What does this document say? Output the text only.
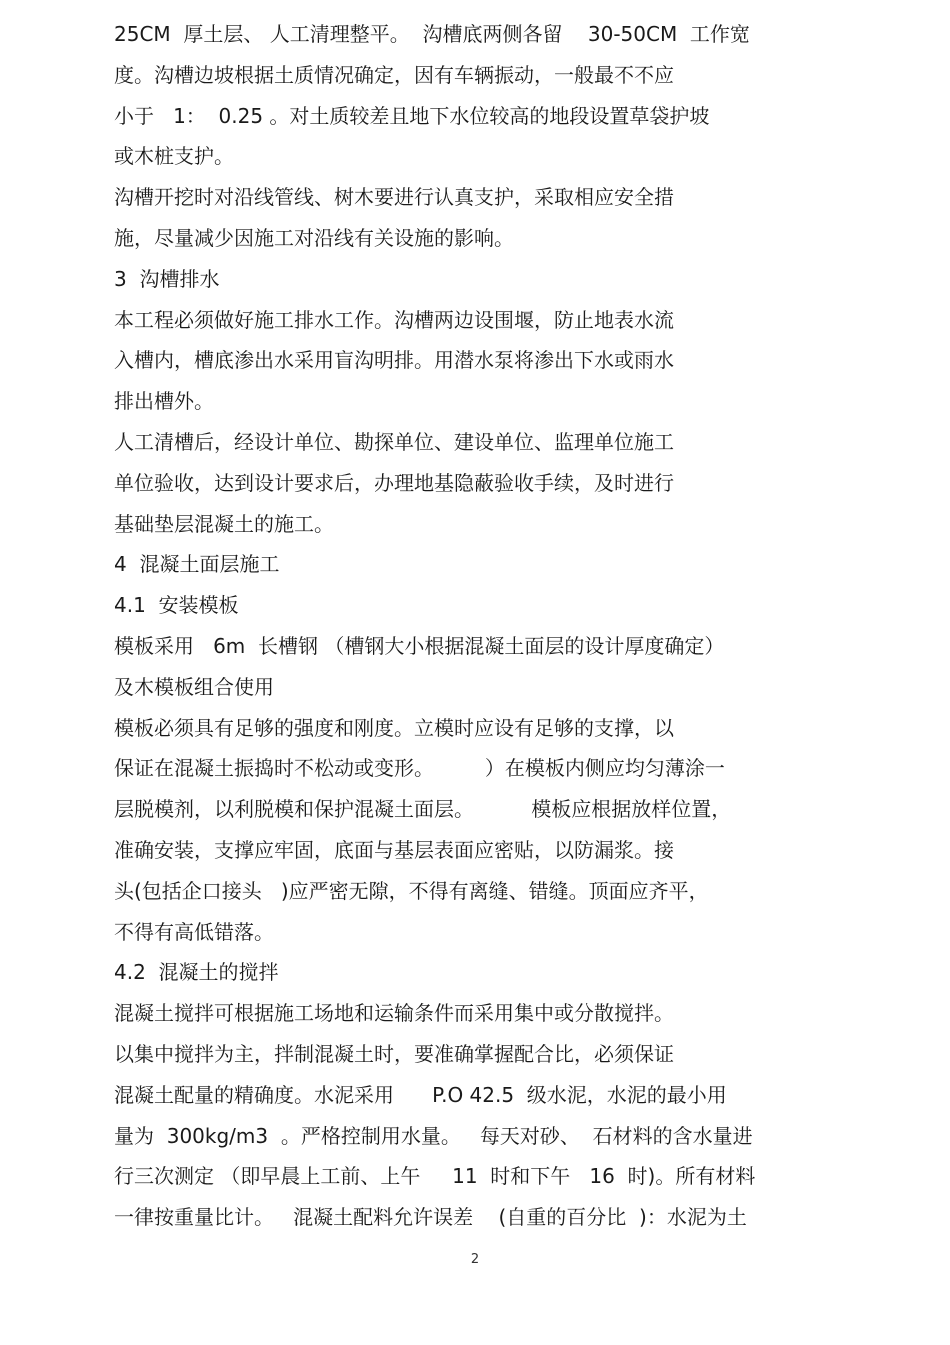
25CM  厚土层、 人工清理整平。  沟槽底两侧各留    30-50CM  工作宽
度。沟槽边坡根据土质情况确定，因有车辆振动，一般最不不应
小于   1：  0.25 。对土质较差且地下水位较高的地段设置草袋护坡
或木桩支护。
沟槽开挖时对沿线管线、树木要进行认真支护，采取相应安全措
施，尽量减少因施工对沿线有关设施的影响。
3  沟槽排水
本工程必须做好施工排水工作。沟槽两边设围堰，防止地表水流
入槽内，槽底渗出水采用盲沟明排。用潜水泵将渗出下水或雨水
排出槽外。
人工清槽后，经设计单位、勘探单位、建设单位、监理单位施工
单位验收，达到设计要求后，办理地基隐蔽验收手续，及时进行
基础垫层混凝土的施工。
4  混凝土面层施工
4.1  安装模板
模板采用   6m  长槽钢 （槽钢大小根据混凝土面层的设计厚度确定）
及木模板组合使用
模板必须具有足够的强度和刚度。立模时应设有足够的支撑，以
保证在混凝土振捣时不松动或变形。        ）在模板内侧应均匀薄涂一
层脱模剂，以利脱模和保护混凝土面层。         模板应根据放样位置，
准确安装，支撑应牢固，底面与基层表面应密贴，以防漏浆。接
头(包括企口接头   )应严密无隙，不得有离缝、错缝。顶面应齐平，
不得有高低错落。
4.2  混凝土的搅拌
混凝土搅拌可根据施工场地和运输条件而采用集中或分散搅拌。
以集中搅拌为主，拌制混凝土时，要准确掌握配合比，必须保证
混凝土配量的精确度。水泥采用      P.O 42.5  级水泥，水泥的最小用
量为  300kg/m3  。严格控制用水量。   每天对砂、  石材料的含水量进
行三次测定 （即早晨上工前、上午     11  时和下午   16  时)。所有材料
一律按重量比计。   混凝土配料允许误差    (自重的百分比  )：水泥为土
2
